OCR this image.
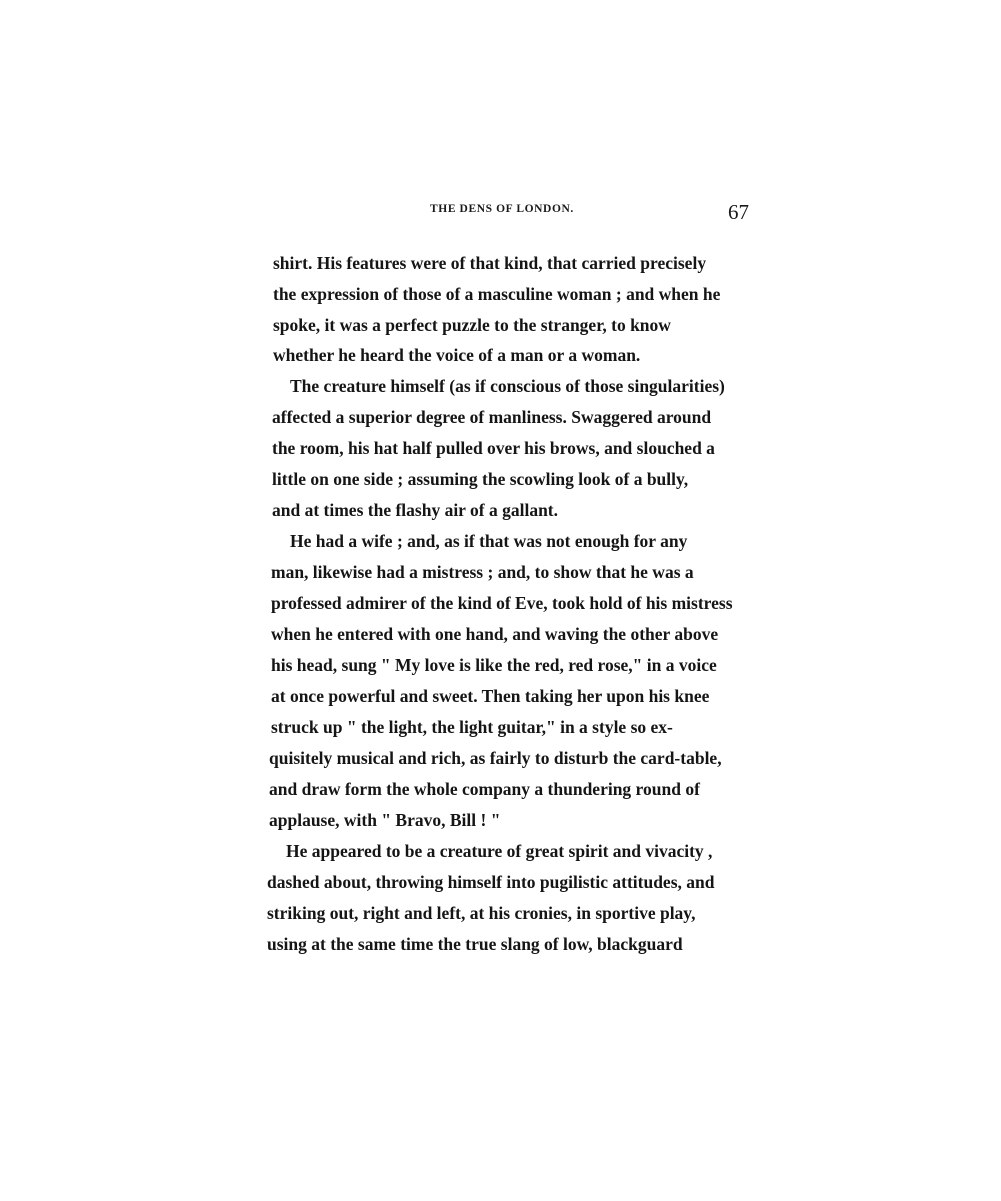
THE DENS OF LONDON.	67
shirt. His features were of that kind, that carried precisely
the expression of those of a masculine woman ; and when he
spoke, it was a perfect puzzle to the stranger, to know
whether he heard the voice of a man or a woman.
The creature himself (as if conscious of those singularities)
affected a superior degree of manliness. Swaggered around
the room, his hat half pulled over his brows, and slouched a
little on one side ; assuming the scowling look of a bully,
and at times the flashy air of a gallant.
He had a wife ; and, as if that was not enough for any
man, likewise had a mistress ; and, to show that he was a
professed admirer of the kind of Eve, took hold of his mistress
when he entered with one hand, and waving the other above
his head, sung " My love is like the red, red rose," in a voice
at once powerful and sweet. Then taking her upon his knee
struck up " the light, the light guitar," in a style so ex-
quisitely musical and rich, as fairly to disturb the card-table,
and draw form the whole company a thundering round of
applause, with " Bravo, Bill ! "
He appeared to be a creature of great spirit and vivacity ,
dashed about, throwing himself into pugilistic attitudes, and
striking out, right and left, at his cronies, in sportive play,
using at the same time the true slang of low, blackguard
